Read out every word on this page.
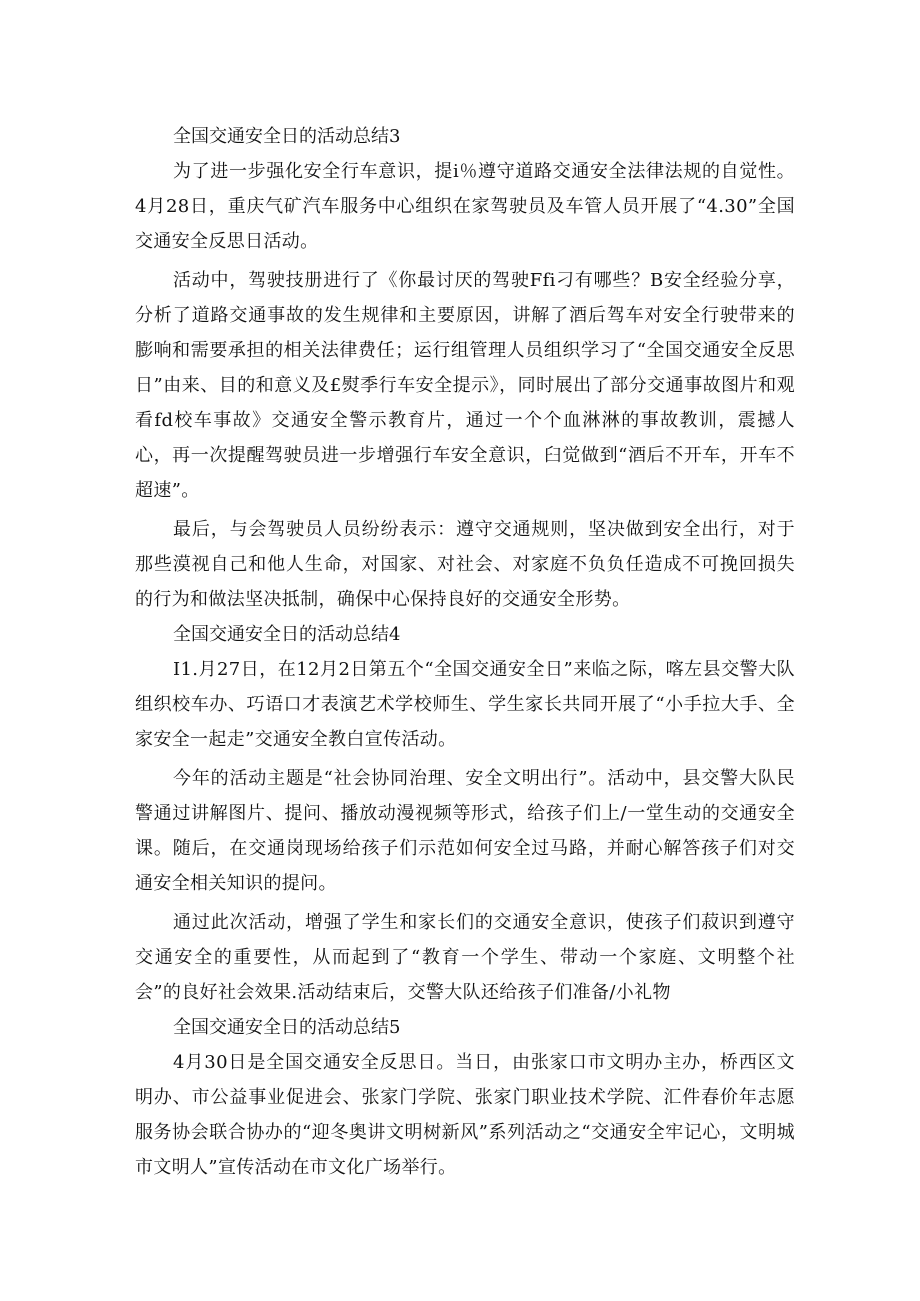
全国交通安全日的活动总结3

为了进一步强化安全行车意识，提i％遵守道路交通安全法律法规的自觉性。4月28日，重庆气矿汽车服务中心组织在家驾驶员及车管人员开展了“4.30”全国交通安全反思日活动。

活动中，驾驶技册进行了《你最讨厌的驾驶Ffi刁有哪些？B安全经验分享，分析了道路交通事故的发生规律和主要原因，讲解了酒后驾车对安全行驶带来的膨响和需要承担的相关法律费任；运行组管理人员组织学习了“全国交通安全反思日”由来、目的和意义及£熨季行车安全提示》，同时展出了部分交通事故图片和观看fd校车事故》交通安全警示教育片，通过一个个血淋淋的事故教训，震撼人心，再一次提醒驾驶员进一步增强行车安全意识，臼觉做到“酒后不开车，开车不超速”。

最后，与会驾驶员人员纷纷表示：遵守交通规则，坚决做到安全出行，对于那些漠视自己和他人生命，对国家、对社会、对家庭不负负任造成不可挽回损失的行为和做法坚决抵制，确保中心保持良好的交通安全形势。

全国交通安全日的活动总结4

I1.月27日，在12月2日第五个“全国交通安全日”来临之际，喀左县交警大队组织校车办、巧语口才表演艺术学校师生、学生家长共同开展了“小手拉大手、全家安全一起走”交通安全教白宣传活动。

今年的活动主题是“社会协同治理、安全文明出行”。活动中，县交警大队民警通过讲解图片、提问、播放动漫视频等形式，给孩子们上/一堂生动的交通安全课。随后，在交通岗现场给孩子们示范如何安全过马路，并耐心解答孩子们对交通安全相关知识的提问。

通过此次活动，增强了学生和家长们的交通安全意识，使孩子们菽识到遵守交通安全的重要性，从而起到了“教育一个学生、带动一个家庭、文明整个社会”的良好社会效果.活动结束后，交警大队还给孩子们准备/小礼物

全国交通安全日的活动总结5

4月30日是全国交通安全反思日。当日，由张家口市文明办主办，桥西区文明办、市公益事业促进会、张家门学院、张家门职业技术学院、汇件春价年志愿服务协会联合协办的“迎冬奥讲文明树新风”系列活动之“交通安全牢记心，文明城市文明人”宣传活动在市文化广场举行。
